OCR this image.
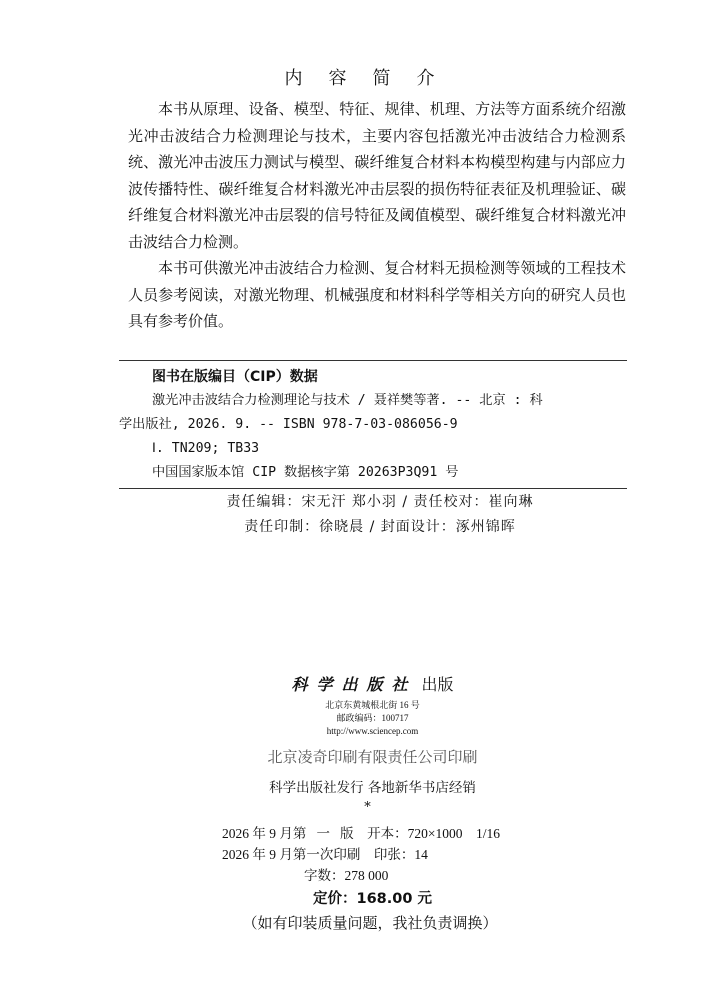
内容简介

本书从原理、设备、模型、特征、规律、机理、方法等方面系统介绍激光冲击波结合力检测理论与技术，主要内容包括激光冲击波结合力检测系统、激光冲击波压力测试与模型、碳纤维复合材料本构模型构建与内部应力波传播特性、碳纤维复合材料激光冲击层裂的损伤特征表征及机理验证、碳纤维复合材料激光冲击层裂的信号特征及阈值模型、碳纤维复合材料激光冲击波结合力检测。

本书可供激光冲击波结合力检测、复合材料无损检测等领域的工程技术人员参考阅读，对激光物理、机械强度和材料科学等相关方向的研究人员也具有参考价值。

图书在版编目（CIP）数据
激光冲击波结合力检测理论与技术 / 聂祥樊等著. -- 北京 : 科
学出版社, 2026. 9. -- ISBN 978-7-03-086056-9
Ⅰ. TN209; TB33
中国国家版本馆 CIP 数据核字第 20263P3Q91 号
责任编辑：宋无汗 郑小羽 / 责任校对：崔向琳
责任印制：徐晓晨 / 封面设计：涿州锦晖
科学出版社 出版
北京东黄城根北街 16 号
邮政编码：100717
http://www.sciencep.com
北京凌奇印刷有限责任公司印刷
科学出版社发行 各地新华书店经销
*
2026 年 9 月第   一   版    开本：720×1000    1/16
2026 年 9 月第一次印刷    印张：14
字数：278 000
定价：168.00 元
（如有印装质量问题，我社负责调换）
